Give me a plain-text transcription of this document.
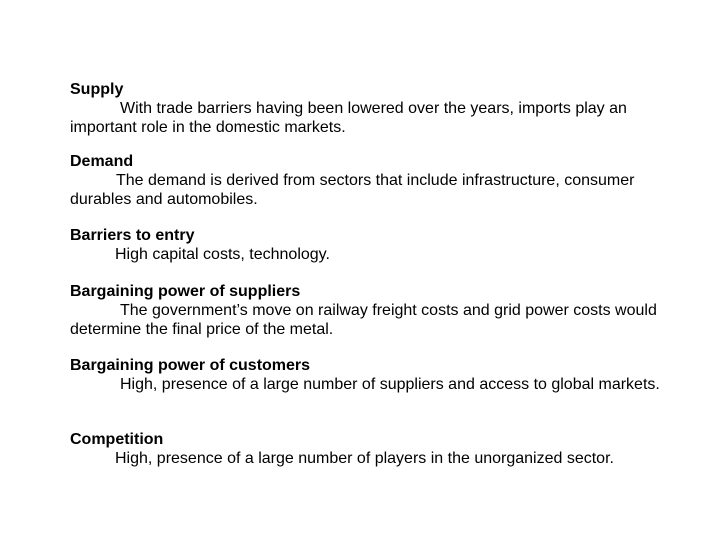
Supply
With trade barriers having been lowered over the years, imports play an important role in the domestic markets.
Demand
The demand is derived from sectors that include infrastructure, consumer durables and automobiles.
Barriers to entry
High capital costs, technology.
Bargaining power of suppliers
The government’s move on railway freight costs and grid power costs would determine the final price of the metal.
Bargaining power of customers
High, presence of a large number of suppliers and access to global markets.
Competition
High, presence of a large number of players in the unorganized sector.
